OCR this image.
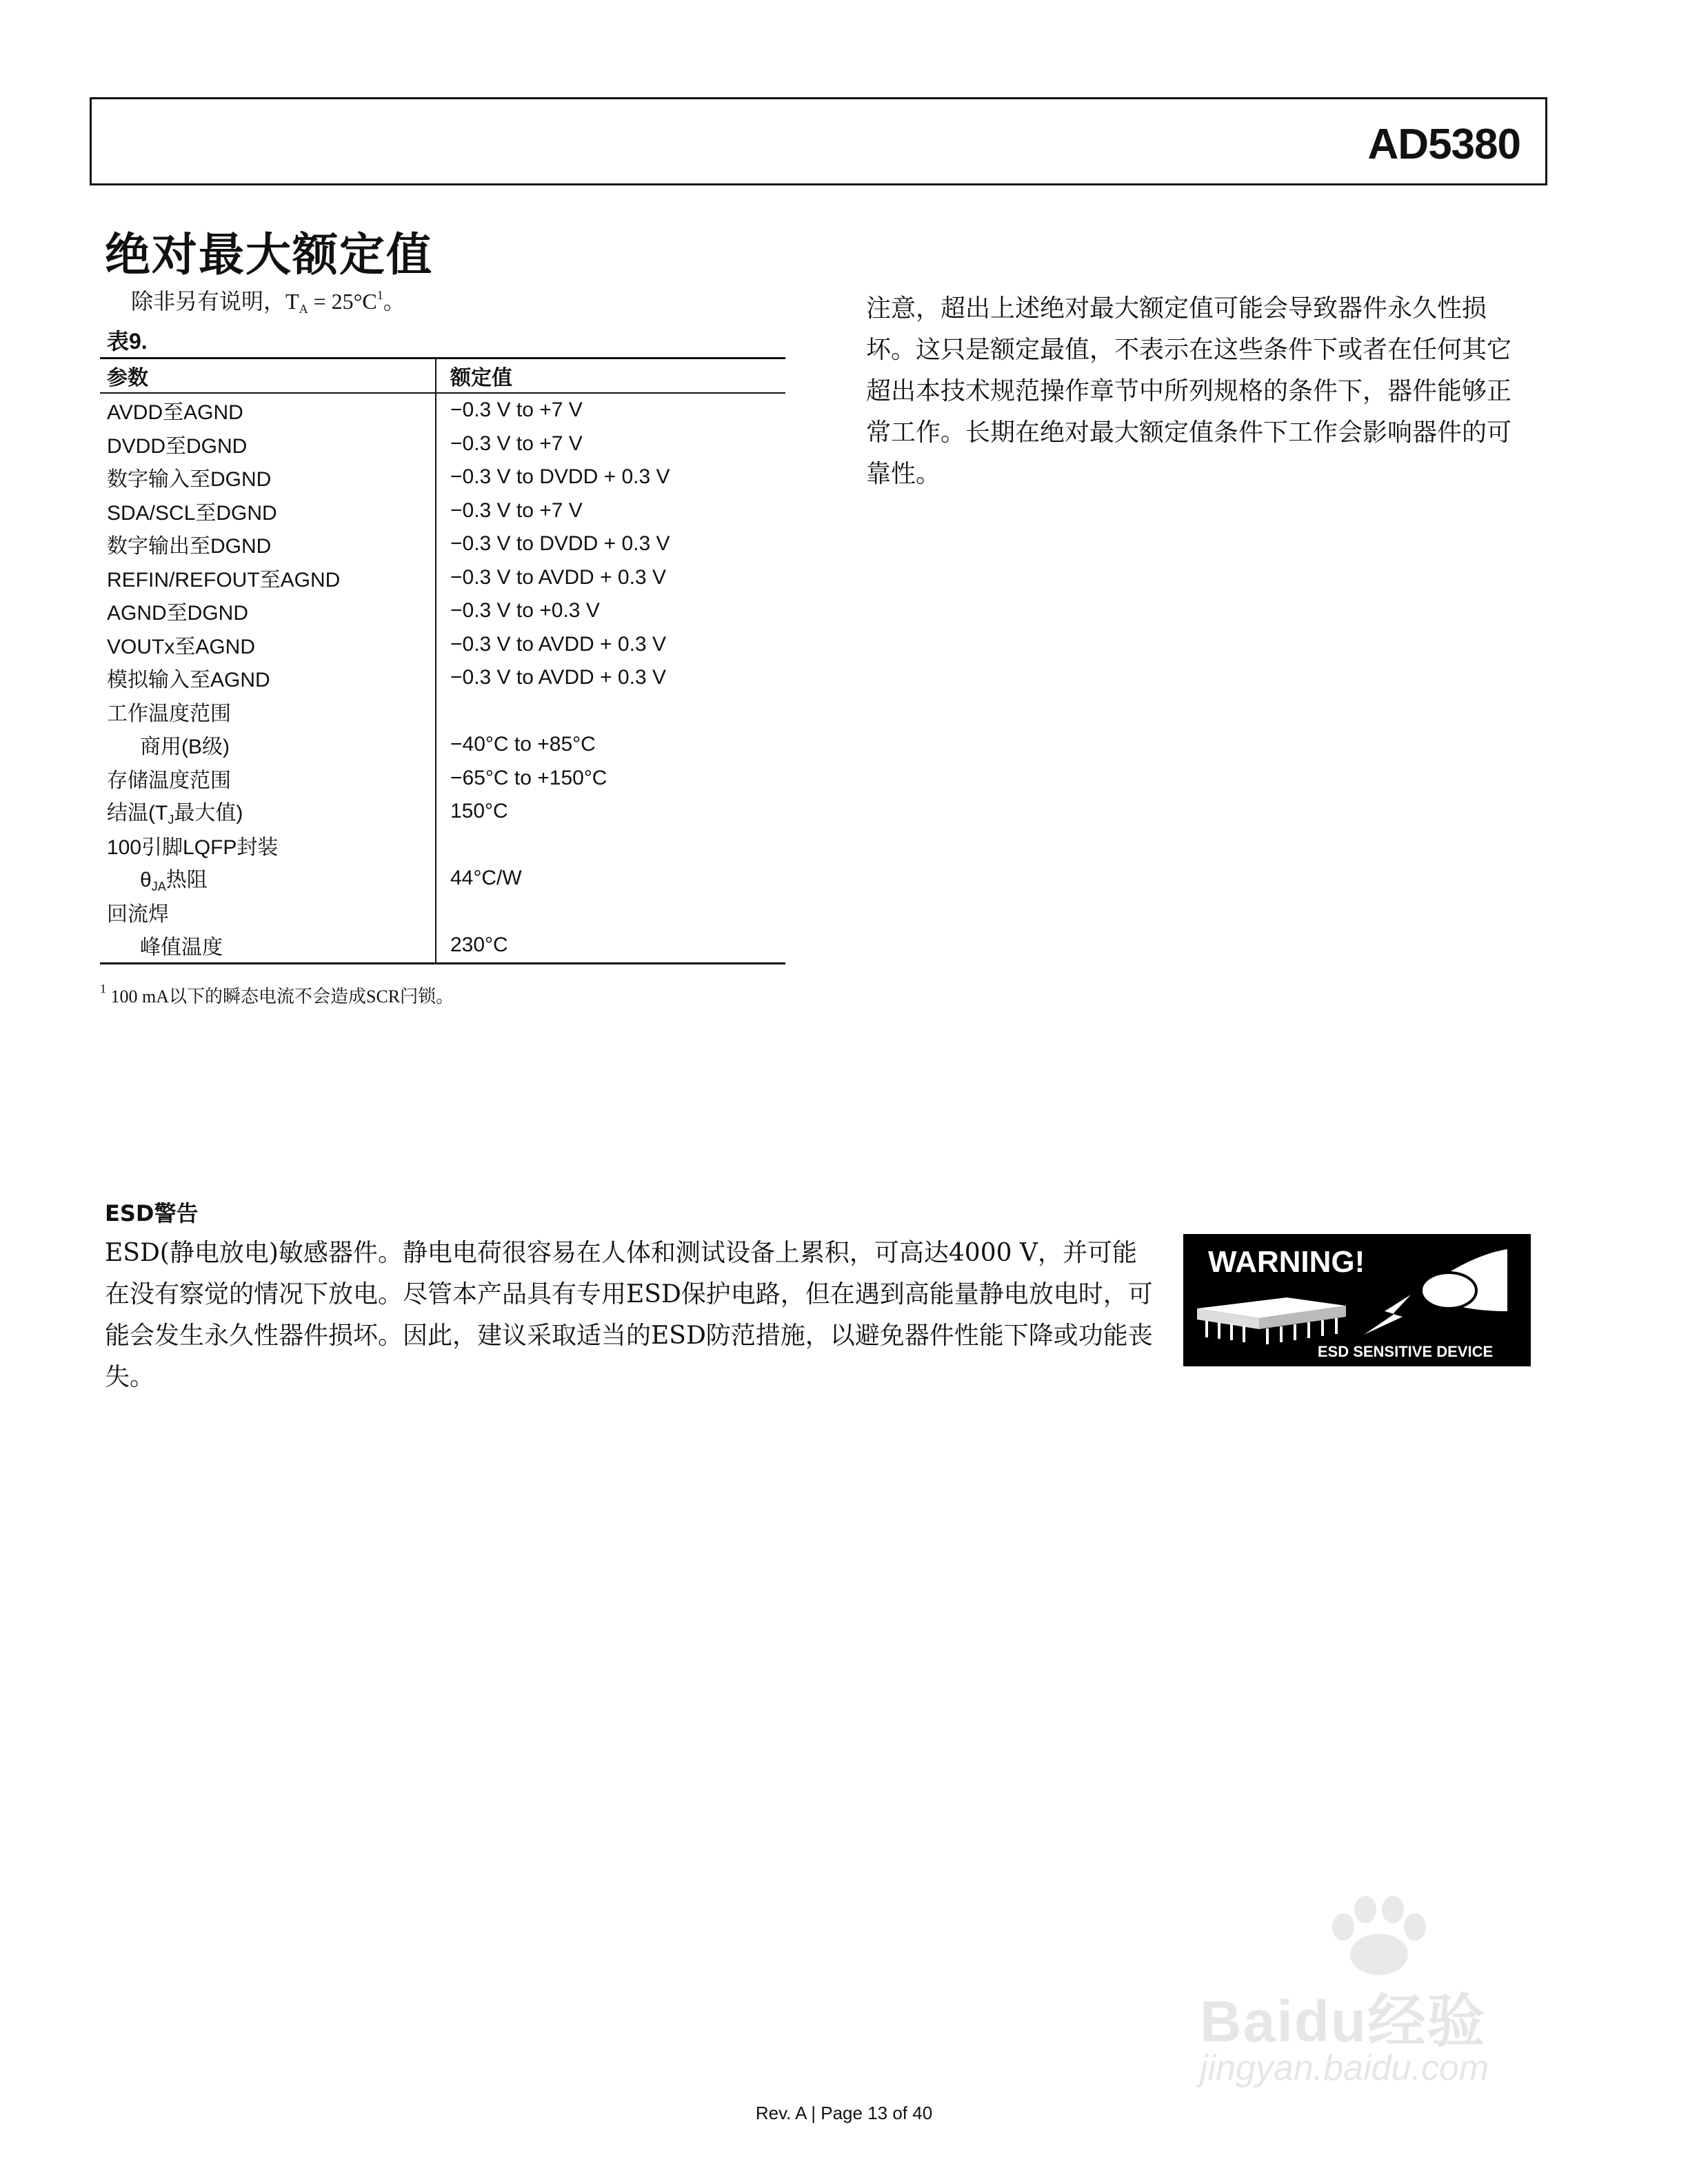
AD5380
绝对最大额定值
除非另有说明，$T_A = 25^\circ C^1$。
表9.
参数	额定值
AVDD至AGND	−0.3 V to +7 V
DVDD至DGND	−0.3 V to +7 V
数字输入至DGND	−0.3 V to DVDD + 0.3 V
SDA/SCL至DGND	−0.3 V to +7 V
数字输出至DGND	−0.3 V to DVDD + 0.3 V
REFIN/REFOUT至AGND	−0.3 V to AVDD + 0.3 V
AGND至DGND	−0.3 V to +0.3 V
VOUTx至AGND	−0.3 V to AVDD + 0.3 V
模拟输入至AGND	−0.3 V to AVDD + 0.3 V
工作温度范围
商用(B级)	−40°C to +85°C
存储温度范围	−65°C to +150°C
结温($T_J$最大值)	150°C
100引脚LQFP封装
$\theta_{JA}$热阻	44°C/W
回流焊
峰值温度	230°C
$^1$ 100 mA以下的瞬态电流不会造成SCR闩锁。
注意，超出上述绝对最大额定值可能会导致器件永久性损坏。这只是额定最值，不表示在这些条件下或者在任何其它超出本技术规范操作章节中所列规格的条件下，器件能够正常工作。长期在绝对最大额定值条件下工作会影响器件的可靠性。
ESD警告
ESD(静电放电)敏感器件。静电电荷很容易在人体和测试设备上累积，可高达4000 V，并可能在没有察觉的情况下放电。尽管本产品具有专用ESD保护电路，但在遇到高能量静电放电时，可能会发生永久性器件损坏。因此，建议采取适当的ESD防范措施，以避免器件性能下降或功能丧失。
WARNING!
ESD SENSITIVE DEVICE
Rev. A | Page 13 of 40
Baidu经验
jingyan.baidu.com
